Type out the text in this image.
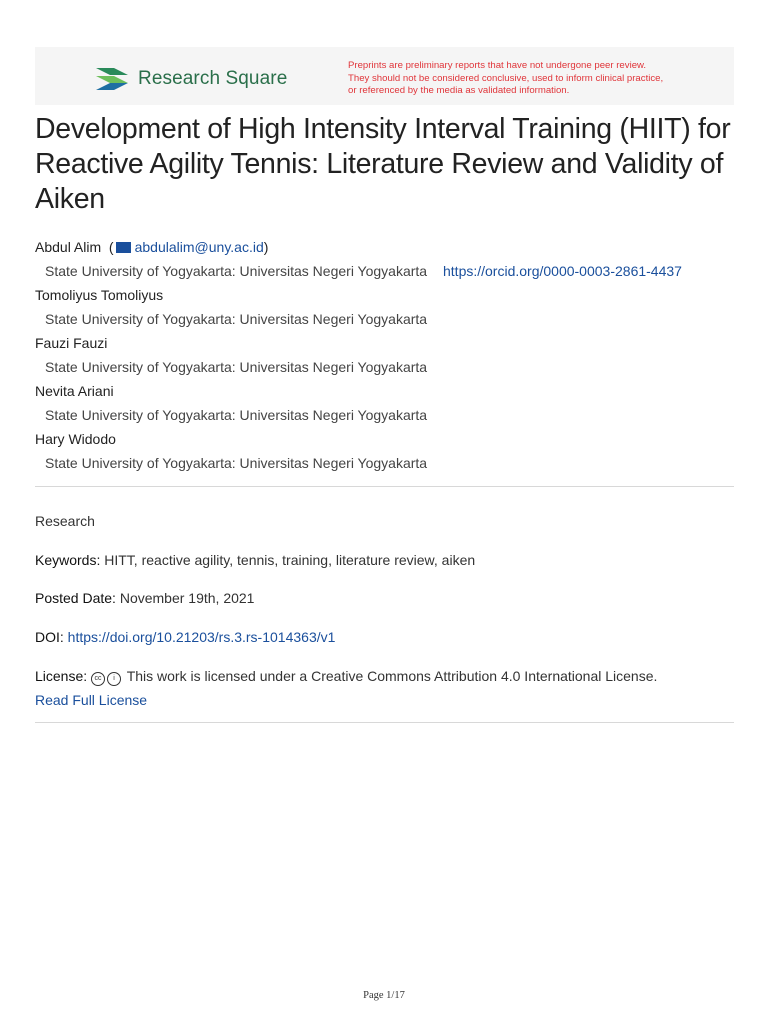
Research Square
Preprints are preliminary reports that have not undergone peer review.
They should not be considered conclusive, used to inform clinical practice,
or referenced by the media as validated information.
Development of High Intensity Interval Training (HIIT) for Reactive Agility Tennis: Literature Review and Validity of Aiken
Abdul Alim  ( abdulalim@uny.ac.id)
State University of Yogyakarta: Universitas Negeri Yogyakarta https://orcid.org/0000-0003-2861-4437
Tomoliyus Tomoliyus
State University of Yogyakarta: Universitas Negeri Yogyakarta
Fauzi Fauzi
State University of Yogyakarta: Universitas Negeri Yogyakarta
Nevita Ariani
State University of Yogyakarta: Universitas Negeri Yogyakarta
Hary Widodo
State University of Yogyakarta: Universitas Negeri Yogyakarta
Research
Keywords: HITT, reactive agility, tennis, training, literature review, aiken
Posted Date: November 19th, 2021
DOI: https://doi.org/10.21203/rs.3.rs-1014363/v1
License: cc i This work is licensed under a Creative Commons Attribution 4.0 International License.
Read Full License
Page 1/17
